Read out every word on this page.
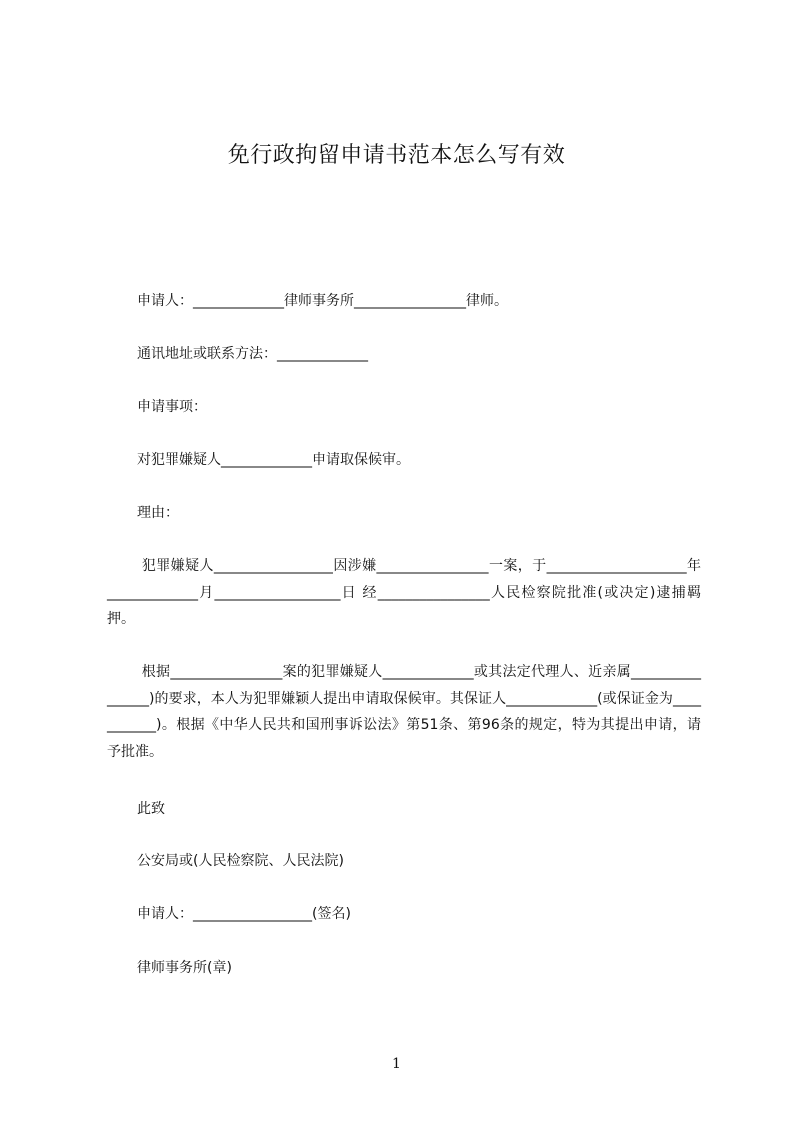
免行政拘留申请书范本怎么写有效

申请人：_____________律师事务所________________律师。

通讯地址或联系方法：_____________

申请事项：

对犯罪嫌疑人_____________申请取保候审。

理由：

犯罪嫌疑人_________________因涉嫌________________一案，于____________________年_____________月__________________日 经________________人民检察院批准(或决定)逮捕羁押。

根据________________案的犯罪嫌疑人_____________或其法定代理人、近亲属________________)的要求，本人为犯罪嫌颖人提出申请取保候审。其保证人_____________(或保证金为___________)。根据《中华人民共和国刑事诉讼法》第51条、第96条的规定，特为其提出申请，请予批准。

此致

公安局或(人民检察院、人民法院)

申请人：_________________(签名)

律师事务所(章)

1
